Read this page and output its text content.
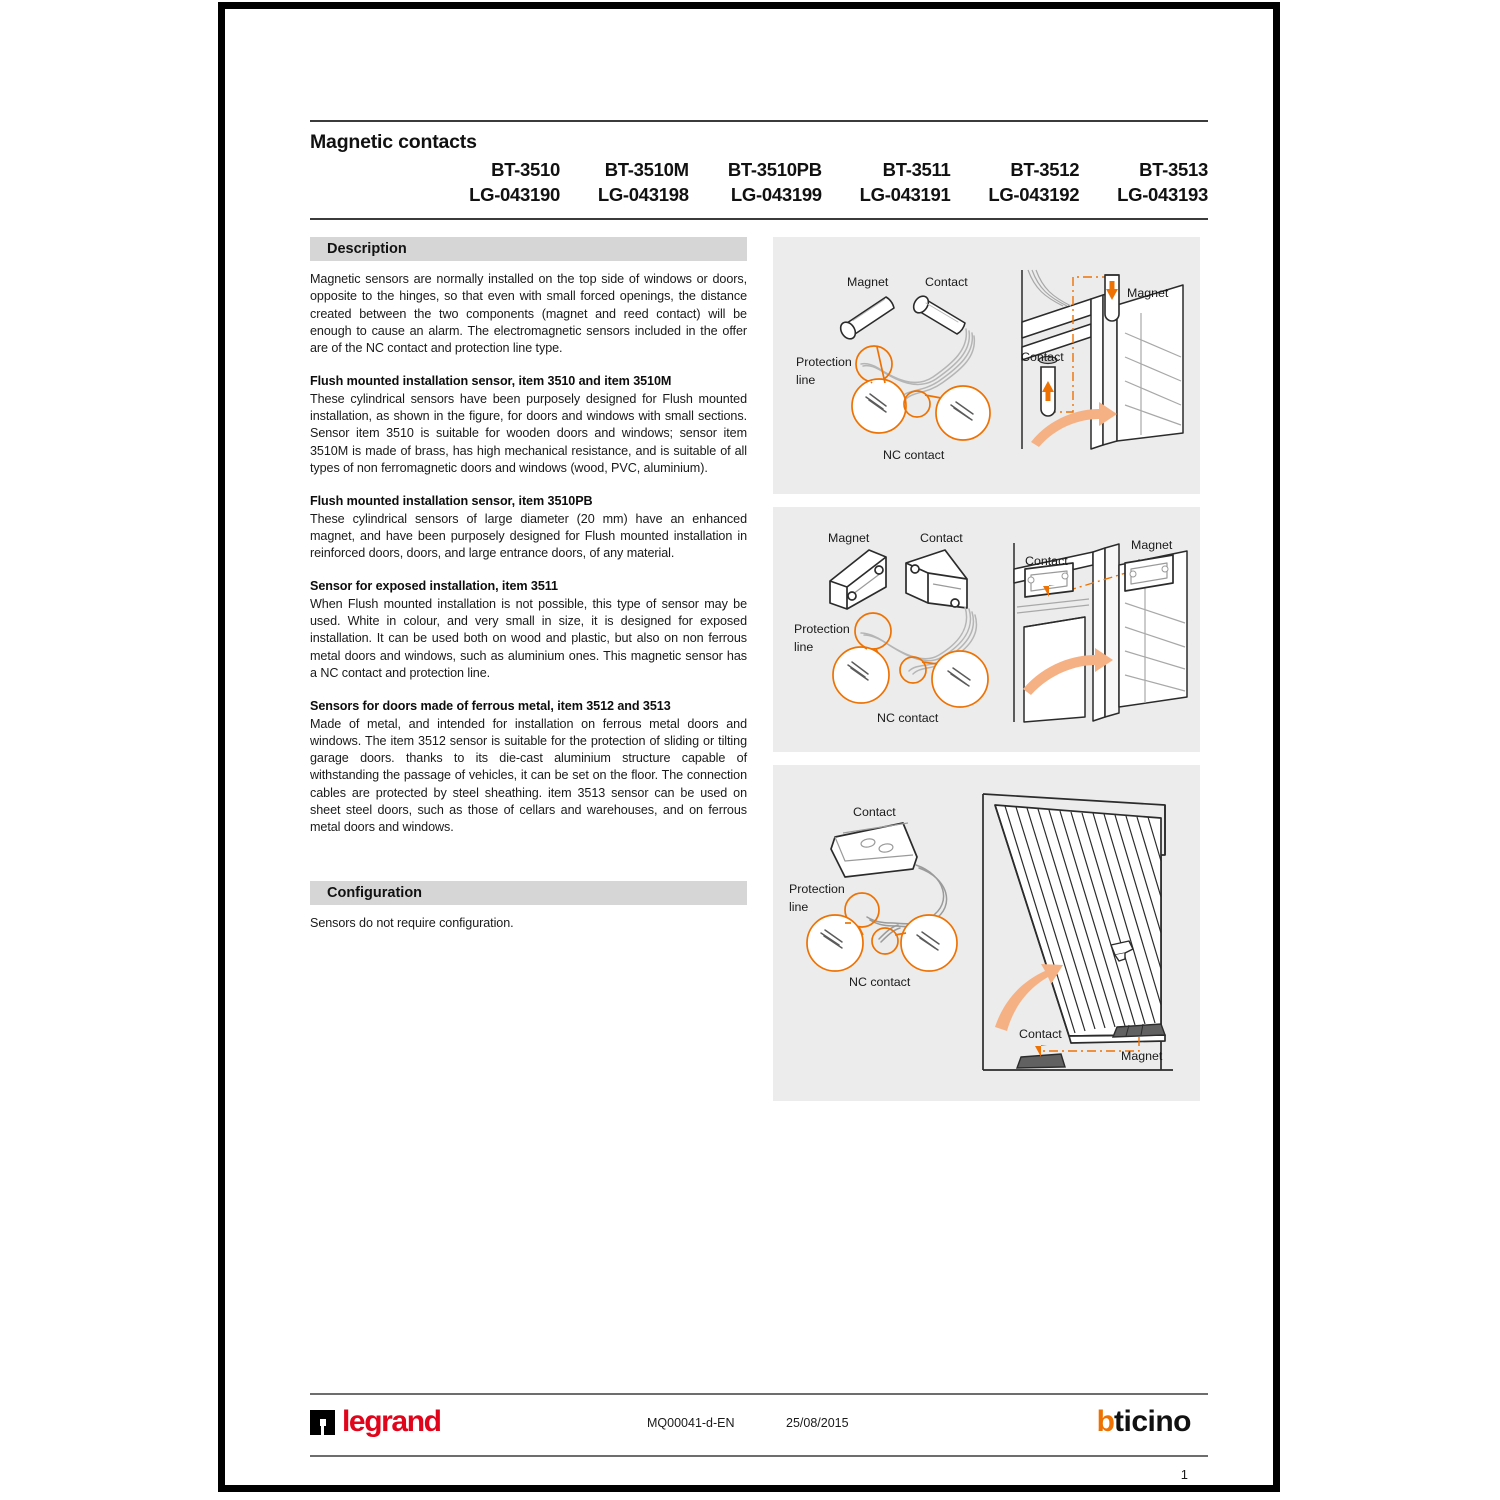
Magnetic contacts
BT-3510	BT-3510M	BT-3510PB	BT-3511	BT-3512	BT-3513
LG-043190	LG-043198	LG-043199	LG-043191	LG-043192	LG-043193
Description

Magnetic sensors are normally installed on the top side of windows or doors, opposite to the hinges, so that even with small forced openings, the distance created between the two components (magnet and reed contact) will be enough to cause an alarm. The electromagnetic sensors included in the offer are of the NC contact and protection line type.

Flush mounted installation sensor, item 3510 and item 3510M

These cylindrical sensors have been purposely designed for Flush mounted installation, as shown in the figure, for doors and windows with small sections. Sensor item 3510 is suitable for wooden doors and windows; sensor item 3510M is made of brass, has high mechanical resistance, and is suitable of all types of non ferromagnetic doors and windows (wood, PVC, aluminium).

Flush mounted installation sensor, item 3510PB

These cylindrical sensors of large diameter (20 mm) have an enhanced magnet, and have been purposely designed for Flush mounted installation in reinforced doors, doors, and large entrance doors, of any material.

Sensor for exposed installation, item 3511

When Flush mounted installation is not possible, this type of sensor may be used. White in colour, and very small in size, it is designed for exposed installation. It can be used both on wood and plastic, but also on non ferrous metal doors and windows, such as aluminium ones. This magnetic sensor has a NC contact and protection line.

Sensors for doors made of ferrous metal, item 3512 and 3513

Made of metal, and intended for installation on ferrous metal doors and windows. The item 3512 sensor is suitable for the protection of sliding or tilting garage doors. thanks to its die-cast aluminium structure capable of withstanding the passage of vehicles, it can be set on the floor. The connection cables are protected by steel sheathing. item 3513 sensor can be used on sheet steel doors, such as those of cellars and warehouses, and on ferrous metal doors and windows.

Configuration

Sensors do not require configuration.

Magnet	Contact
Protection
line
NC contact
Contact
Magnet
Magnet	Contact
Protection
line
NC contact
Contact
Magnet
Contact
Protection
line
NC contact
Contact
Magnet
legrand	MQ00041-d-EN	25/08/2015	b ticino
1
